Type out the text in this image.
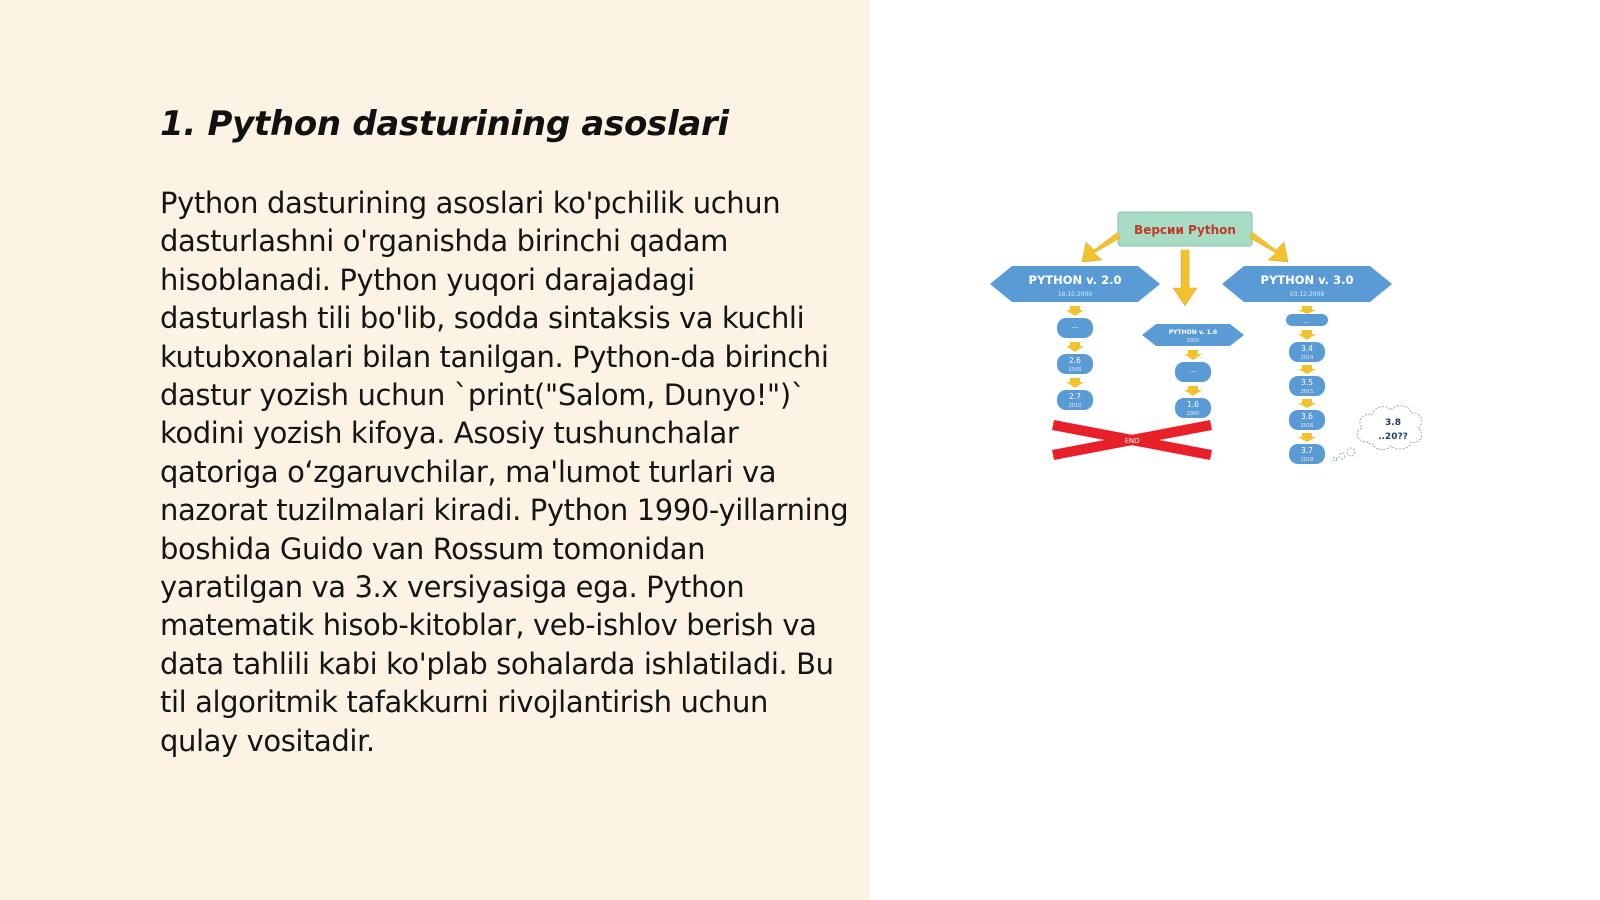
1. Python dasturining asoslari

Python dasturining asoslari ko'pchilik uchun dasturlashni o'rganishda birinchi qadam hisoblanadi. Python yuqori darajadagi dasturlash tili bo'lib, sodda sintaksis va kuchli kutubxonalari bilan tanilgan. Python-da birinchi dastur yozish uchun `print("Salom, Dunyo!")` kodini yozish kifoya. Asosiy tushunchalar qatoriga o‘zgaruvchilar, ma'lumot turlari va nazorat tuzilmalari kiradi. Python 1990-yillarning boshida Guido van Rossum tomonidan yaratilgan va 3.x versiyasiga ega. Python matematik hisob-kitoblar, veb-ishlov berish va data tahlili kabi ko'plab sohalarda ishlatiladi. Bu til algoritmik tafakkurni rivojlantirish uchun qulay vositadir.

Версии Python
PYTHON v. 2.0
16.10.2000
PYTHON v. 3.0
03.12.2008
PYTHON v. 1.6
2000
...
2.6
2008
2.7
2010
...
1.6
2000
END
...
3.4
2014
3.5
2015
3.6
2016
3.7
2018
3.8
..20??
